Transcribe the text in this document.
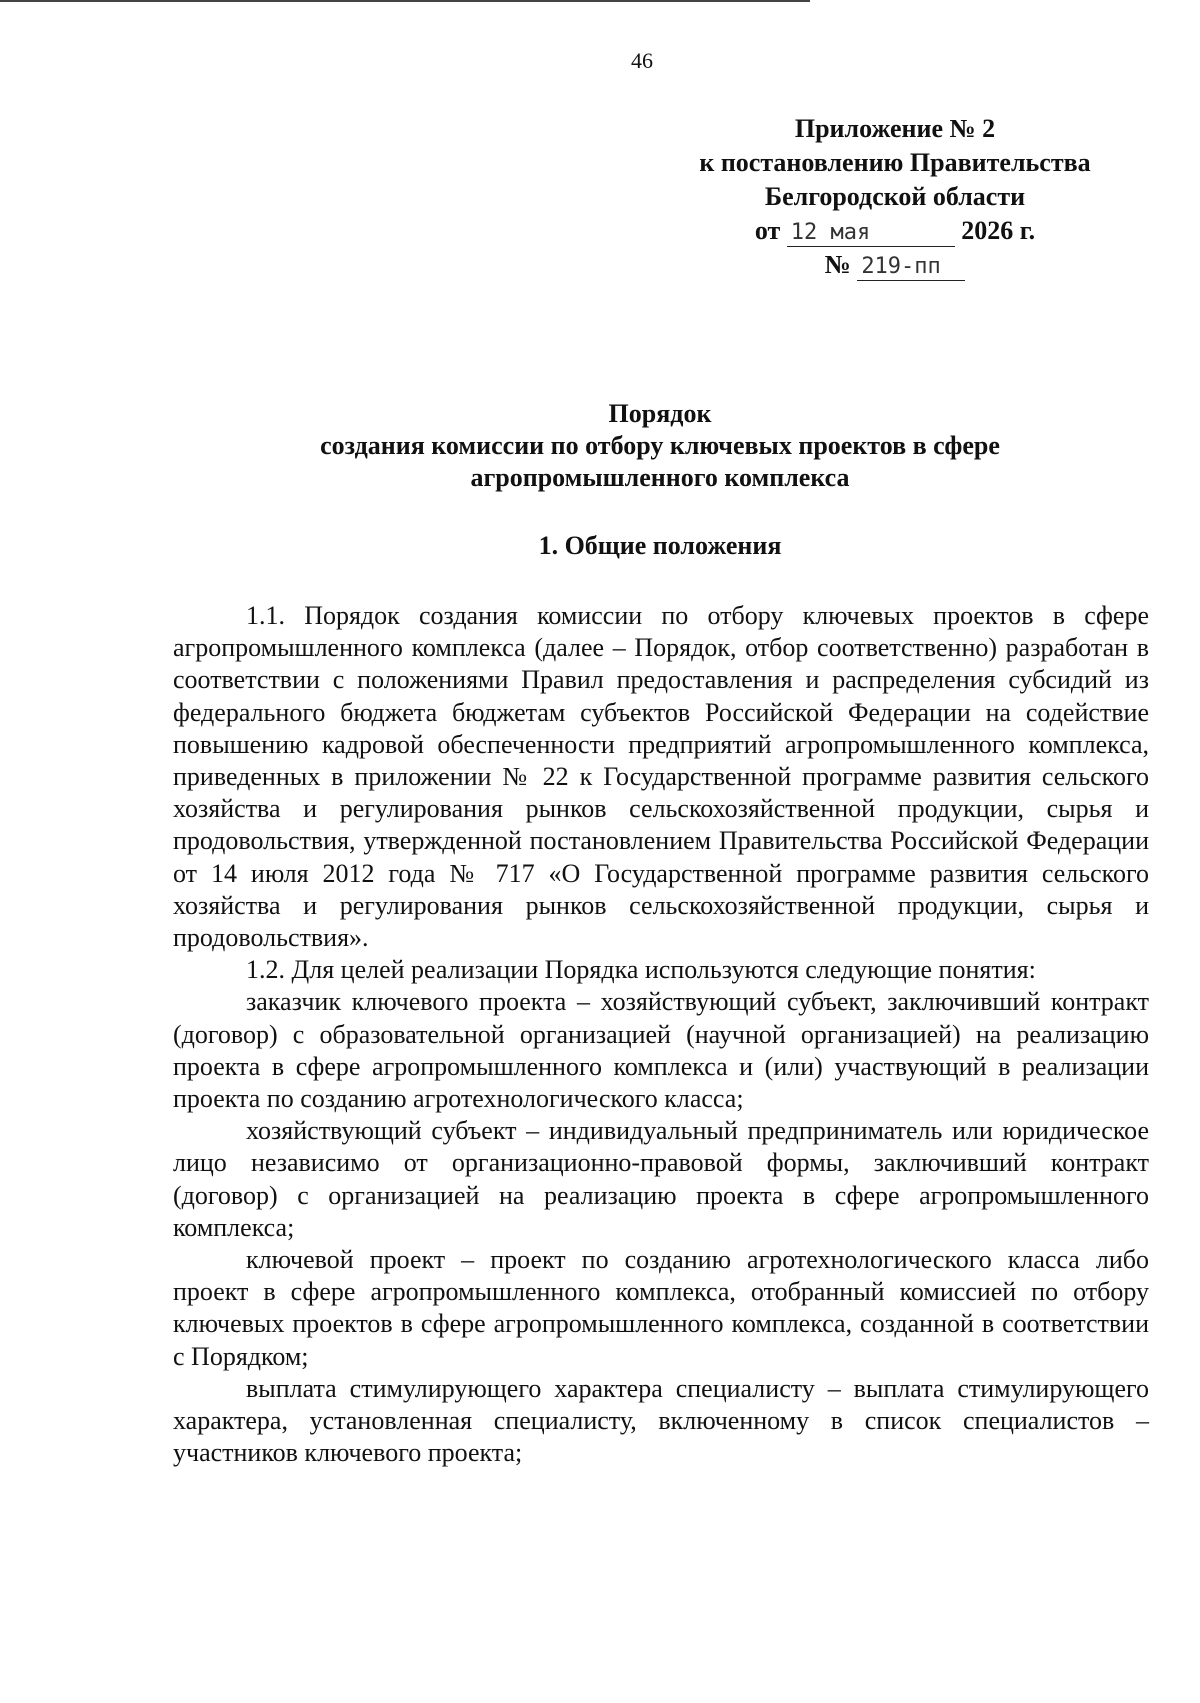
46
Приложение № 2
к постановлению Правительства
Белгородской области
от 12 мая	2026 г.
№ 219-пп
Порядок
создания комиссии по отбору ключевых проектов в сфере
агропромышленного комплекса
1. Общие положения

1.1. Порядок создания комиссии по отбору ключевых проектов в сфере агропромышленного комплекса (далее – Порядок, отбор соответственно) разработан в соответствии с положениями Правил предоставления и распределения субсидий из федерального бюджета бюджетам субъектов Российской Федерации на содействие повышению кадровой обеспеченности предприятий агропромышленного комплекса, приведенных в приложении № 22 к Государственной программе развития сельского хозяйства и регулирования рынков сельскохозяйственной продукции, сырья и продовольствия, утвержденной постановлением Правительства Российской Федерации от 14 июля 2012 года № 717 «О Государственной программе развития сельского хозяйства и регулирования рынков сельскохозяйственной продукции, сырья и продовольствия».

1.2. Для целей реализации Порядка используются следующие понятия:

заказчик ключевого проекта – хозяйствующий субъект, заключивший контракт (договор) с образовательной организацией (научной организацией) на реализацию проекта в сфере агропромышленного комплекса и (или) участвующий в реализации проекта по созданию агротехнологического класса;

хозяйствующий субъект – индивидуальный предприниматель или юридическое лицо независимо от организационно-правовой формы, заключивший контракт (договор) с организацией на реализацию проекта в сфере агропромышленного комплекса;

ключевой проект – проект по созданию агротехнологического класса либо проект в сфере агропромышленного комплекса, отобранный комиссией по отбору ключевых проектов в сфере агропромышленного комплекса, созданной в соответствии с Порядком;

выплата стимулирующего характера специалисту – выплата стимулирующего характера, установленная специалисту, включенному в список специалистов – участников ключевого проекта;
